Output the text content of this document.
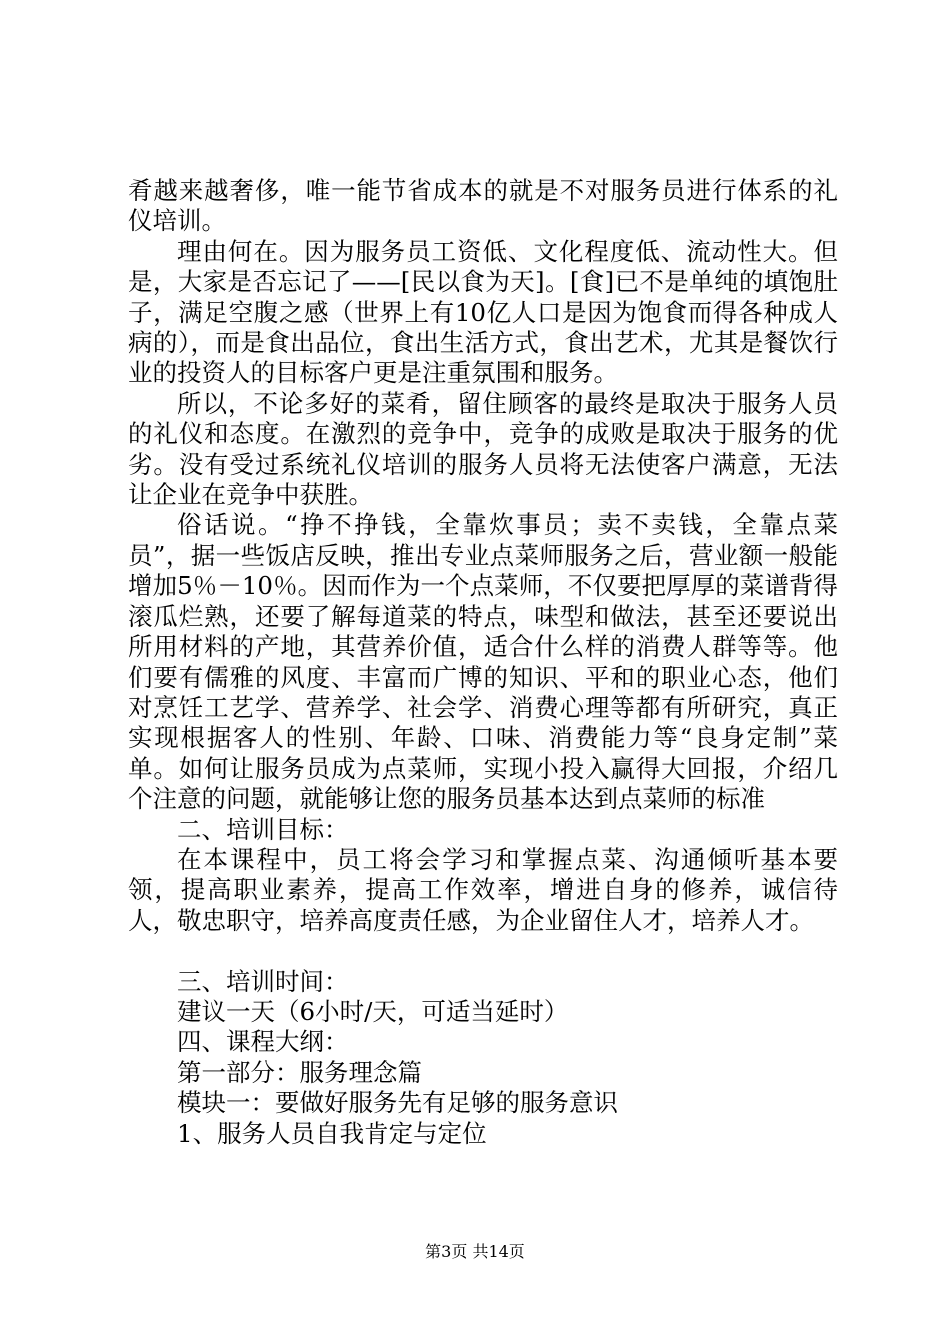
肴越来越奢侈，唯一能节省成本的就是不对服务员进行体系的礼仪培训。

理由何在。因为服务员工资低、文化程度低、流动性大。但是，大家是否忘记了——[民以食为天]。[食]已不是单纯的填饱肚子，满足空腹之感（世界上有10亿人口是因为饱食而得各种成人病的），而是食出品位，食出生活方式，食出艺术，尤其是餐饮行业的投资人的目标客户更是注重氛围和服务。

所以，不论多好的菜肴，留住顾客的最终是取决于服务人员的礼仪和态度。在激烈的竞争中，竞争的成败是取决于服务的优劣。没有受过系统礼仪培训的服务人员将无法使客户满意，无法让企业在竞争中获胜。

俗话说。“挣不挣钱，全靠炊事员；卖不卖钱，全靠点菜员”，据一些饭店反映，推出专业点菜师服务之后，营业额一般能增加5％－10％。因而作为一个点菜师，不仅要把厚厚的菜谱背得滚瓜烂熟，还要了解每道菜的特点，味型和做法，甚至还要说出所用材料的产地，其营养价值，适合什么样的消费人群等等。他们要有儒雅的风度、丰富而广博的知识、平和的职业心态，他们对烹饪工艺学、营养学、社会学、消费心理等都有所研究，真正实现根据客人的性别、年龄、口味、消费能力等“良身定制”菜单。如何让服务员成为点菜师，实现小投入赢得大回报，介绍几个注意的问题，就能够让您的服务员基本达到点菜师的标准

二、培训目标：

在本课程中，员工将会学习和掌握点菜、沟通倾听基本要领，提高职业素养，提高工作效率，增进自身的修养，诚信待人，敬忠职守，培养高度责任感，为企业留住人才，培养人才。

三、培训时间：

建议一天（6小时/天，可适当延时）

四、课程大纲：

第一部分：服务理念篇

模块一：要做好服务先有足够的服务意识

1、服务人员自我肯定与定位

第3页 共14页
